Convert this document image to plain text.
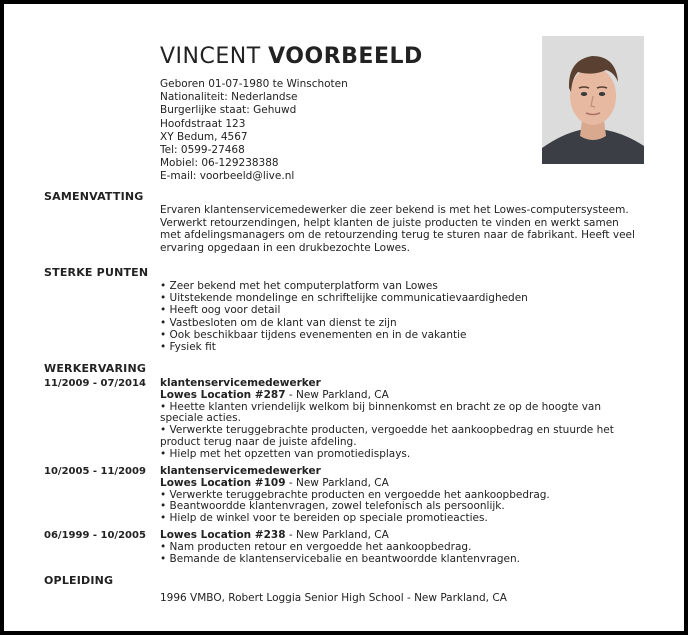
VINCENT VOORBEELD
Geboren 01-07-1980 te Winschoten
Nationaliteit: Nederlandse
Burgerlijke staat: Gehuwd
Hoofdstraat 123
XY Bedum, 4567
Tel: 0599-27468
Mobiel: 06-129238388
E-mail: voorbeeld@live.nl
SAMENVATTING
Ervaren klantenservicemedewerker die zeer bekend is met het Lowes-computersysteem.
Verwerkt retourzendingen, helpt klanten de juiste producten te vinden en werkt samen
met afdelingsmanagers om de retourzending terug te sturen naar de fabrikant. Heeft veel
ervaring opgedaan in een drukbezochte Lowes.
STERKE PUNTEN
• Zeer bekend met het computerplatform van Lowes
• Uitstekende mondelinge en schriftelijke communicatievaardigheden
• Heeft oog voor detail
• Vastbesloten om de klant van dienst te zijn
• Ook beschikbaar tijdens evenementen en in de vakantie
• Fysiek fit
WERKERVARING
11/2009 - 07/2014 klantenservicemedewerker
Lowes Location #287 - New Parkland, CA
• Heette klanten vriendelijk welkom bij binnenkomst en bracht ze op de hoogte van
speciale acties.
• Verwerkte teruggebrachte producten, vergoedde het aankoopbedrag en stuurde het
product terug naar de juiste afdeling.
• Hielp met het opzetten van promotiedisplays.
10/2005 - 11/2009 klantenservicemedewerker
Lowes Location #109 - New Parkland, CA
• Verwerkte teruggebrachte producten en vergoedde het aankoopbedrag.
• Beantwoordde klantenvragen, zowel telefonisch als persoonlijk.
• Hielp de winkel voor te bereiden op speciale promotieacties.
06/1999 - 10/2005 Lowes Location #238 - New Parkland, CA
• Nam producten retour en vergoedde het aankoopbedrag.
• Bemande de klantenservicebalie en beantwoordde klantenvragen.
OPLEIDING
1996 VMBO, Robert Loggia Senior High School - New Parkland, CA
